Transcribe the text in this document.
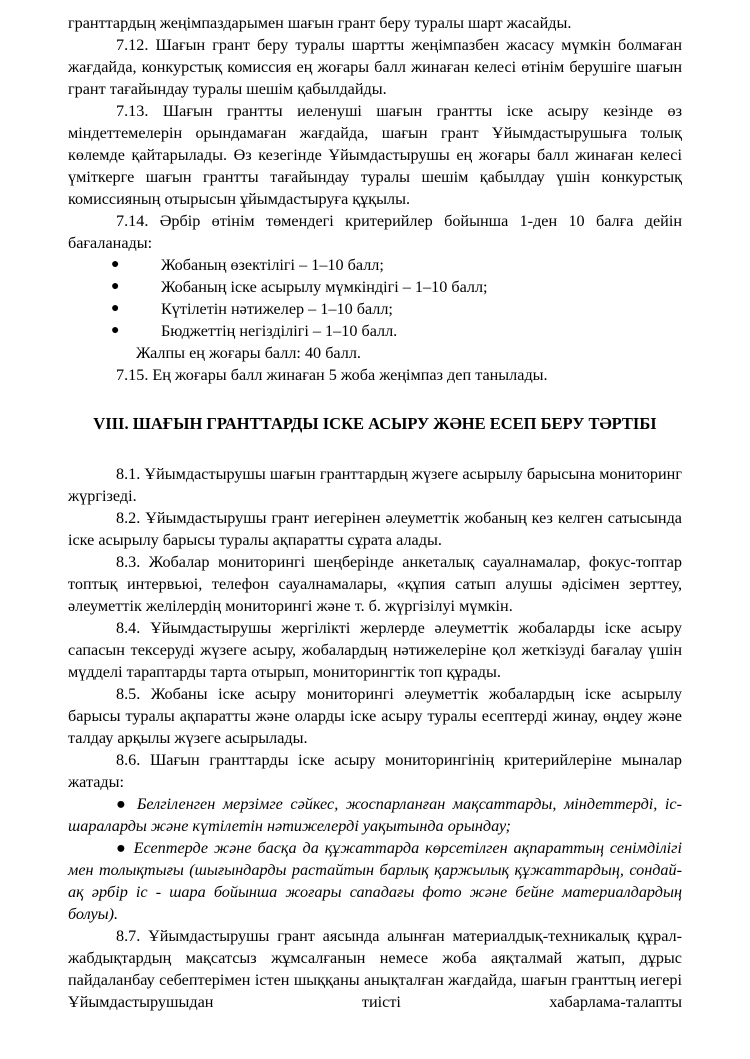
гранттардың жеңімпаздарымен шағын грант беру туралы шарт жасайды.

7.12. Шағын грант беру туралы шартты жеңімпазбен жасасу мүмкін болмаған жағдайда, конкурстық комиссия ең жоғары балл жинаған келесі өтінім берушіге шағын грант тағайындау туралы шешім қабылдайды.

7.13. Шағын грантты иеленуші шағын грантты іске асыру кезінде өз міндеттемелерін орындамаған жағдайда, шағын грант Ұйымдастырушыға толық көлемде қайтарылады. Өз кезегінде Ұйымдастырушы ең жоғары балл жинаған келесі үміткерге шағын грантты тағайындау туралы шешім қабылдау үшін конкурстық комиссияның отырысын ұйымдастыруға құқылы.

7.14. Әрбір өтінім төмендегі критерийлер бойынша 1-ден 10 балға дейін бағаланады:

●	Жобаның өзектілігі – 1–10 балл;
●	Жобаның іске асырылу мүмкіндігі – 1–10 балл;
●	Күтілетін нәтижелер – 1–10 балл;
●	Бюджеттің негізділігі – 1–10 балл.

Жалпы ең жоғары балл: 40 балл.

7.15. Ең жоғары балл жинаған 5 жоба жеңімпаз деп танылады.

VIII. ШАҒЫН ГРАНТТАРДЫ ІСКЕ АСЫРУ ЖӘНЕ ЕСЕП БЕРУ ТӘРТІБІ

8.1. Ұйымдастырушы шағын гранттардың жүзеге асырылу барысына мониторинг жүргізеді.

8.2. Ұйымдастырушы грант иегерінен әлеуметтік жобаның кез келген сатысында іске асырылу барысы туралы ақпаратты сұрата алады.

8.3. Жобалар мониторингі шеңберінде анкеталық сауалнамалар, фокус-топтар топтық интервьюі, телефон сауалнамалары, «құпия сатып алушы әдісімен зерттеу, әлеуметтік желілердің мониторингі және т. б. жүргізілуі мүмкін.

8.4. Ұйымдастырушы жергілікті жерлерде әлеуметтік жобаларды іске асыру сапасын тексеруді жүзеге асыру, жобалардың нәтижелеріне қол жеткізуді бағалау үшін мүдделі тараптарды тарта отырып, мониторингтік топ құрады.

8.5. Жобаны іске асыру мониторингі әлеуметтік жобалардың іске асырылу барысы туралы ақпаратты және оларды іске асыру туралы есептерді жинау, өңдеу және талдау арқылы жүзеге асырылады.

8.6. Шағын гранттарды іске асыру мониторингінің критерийлеріне мыналар жатады:

● Белгіленген мерзімге сәйкес, жоспарланған мақсаттарды, міндеттерді, іс-шараларды және күтілетін нәтижелерді уақытында орындау;

● Есептерде және басқа да құжаттарда көрсетілген ақпараттың сенімділігі мен толықтығы (шығындарды растайтын барлық қаржылық құжаттардың, сондай-ақ әрбір іс - шара бойынша жоғары сападағы фото және бейне материалдардың болуы).

8.7. Ұйымдастырушы грант аясында алынған материалдық-техникалық құрал-жабдықтардың мақсатсыз жұмсалғанын немесе жоба аяқталмай жатып, дұрыс пайдаланбау себептерімен істен шыққаны анықталған жағдайда, шағын гранттың иегері Ұйымдастырушыдан тиісті хабарлама-талапты
